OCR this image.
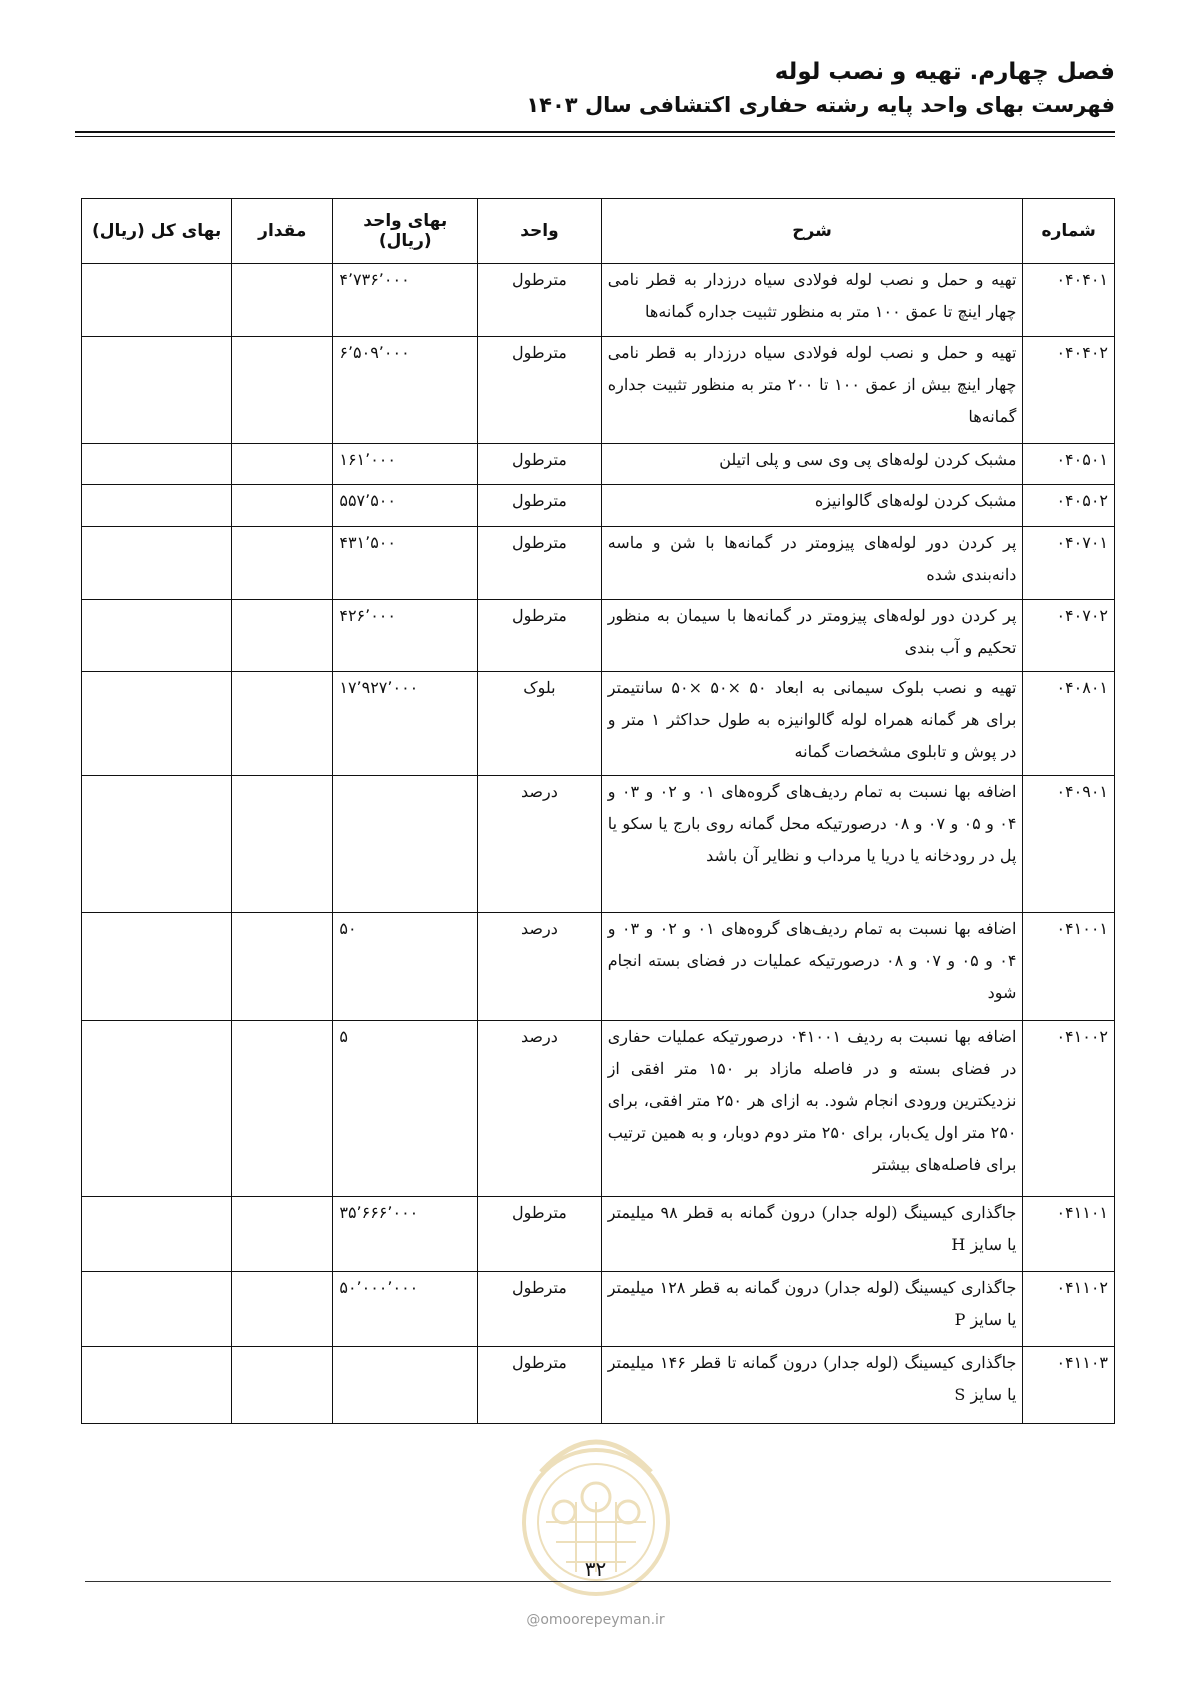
فصل چهارم. تهیه و نصب لوله
فهرست بهای واحد پایه رشته حفاری اکتشافی سال ۱۴۰۳
شماره	شرح	واحد	بهای واحد (ریال)	مقدار	بهای کل (ریال)
۰۴۰۴۰۱	تهیه و حمل و نصب لوله فولادی سیاه درزدار به قطر نامی چهار اینچ تا عمق ۱۰۰ متر به منظور تثبیت جداره گمانه‌ها	مترطول	۴٬۷۳۶٬۰۰۰		
۰۴۰۴۰۲	تهیه و حمل و نصب لوله فولادی سیاه درزدار به قطر نامی چهار اینچ بیش از عمق ۱۰۰ تا ۲۰۰ متر به منظور تثبیت جداره گمانه‌ها	مترطول	۶٬۵۰۹٬۰۰۰		
۰۴۰۵۰۱	مشبک کردن لوله‌های پی وی سی و پلی اتیلن	مترطول	۱۶۱٬۰۰۰		
۰۴۰۵۰۲	مشبک کردن لوله‌های گالوانیزه	مترطول	۵۵۷٬۵۰۰		
۰۴۰۷۰۱	پر کردن دور لوله‌های پیزومتر در گمانه‌ها با شن و ماسه دانه‌بندی شده	مترطول	۴۳۱٬۵۰۰		
۰۴۰۷۰۲	پر کردن دور لوله‌های پیزومتر در گمانه‌ها با سیمان به منظور تحکیم و آب بندی	مترطول	۴۲۶٬۰۰۰		
۰۴۰۸۰۱	تهیه و نصب بلوک سیمانی به ابعاد ۵۰ ×۵۰ ×۵۰ سانتیمتر برای هر گمانه همراه لوله گالوانیزه به طول حداکثر ۱ متر و در پوش و تابلوی مشخصات گمانه	بلوک	۱۷٬۹۲۷٬۰۰۰		
۰۴۰۹۰۱	اضافه بها نسبت به تمام ردیف‌های گروه‌های ۰۱ و ۰۲ و ۰۳ و ۰۴ و ۰۵ و ۰۷ و ۰۸ درصورتیکه محل گمانه روی بارج یا سکو یا پل در رودخانه یا دریا یا مرداب و نظایر آن باشد	درصد			
۰۴۱۰۰۱	اضافه بها نسبت به تمام ردیف‌های گروه‌های ۰۱ و ۰۲ و ۰۳ و ۰۴ و ۰۵ و ۰۷ و ۰۸ درصورتیکه عملیات در فضای بسته انجام شود	درصد	۵۰		
۰۴۱۰۰۲	اضافه بها نسبت به ردیف ۰۴۱۰۰۱ درصورتیکه عملیات حفاری در فضای بسته و در فاصله مازاد بر ۱۵۰ متر افقی از نزدیکترین ورودی انجام شود. به ازای هر ۲۵۰ متر افقی، برای ۲۵۰ متر اول یک‌بار، برای ۲۵۰ متر دوم دوبار، و به همین ترتیب برای فاصله‌های بیشتر	درصد	۵		
۰۴۱۱۰۱	جاگذاری کیسینگ (لوله جدار) درون گمانه به قطر ۹۸ میلیمتر یا سایز H	مترطول	۳۵٬۶۶۶٬۰۰۰		
۰۴۱۱۰۲	جاگذاری کیسینگ (لوله جدار) درون گمانه به قطر ۱۲۸ میلیمتر یا سایز P	مترطول	۵۰٬۰۰۰٬۰۰۰		
۰۴۱۱۰۳	جاگذاری کیسینگ (لوله جدار) درون گمانه تا قطر ۱۴۶ میلیمتر یا سایز S	مترطول			
۳۲
@omoorepeyman.ir
